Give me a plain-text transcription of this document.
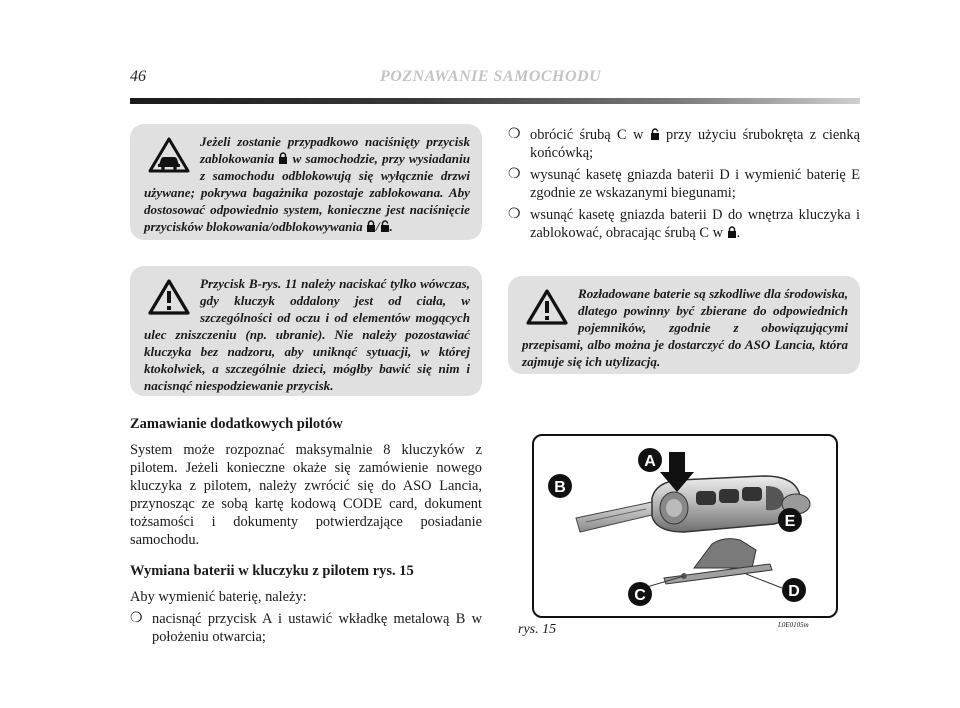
46	POZNAWANIE SAMOCHODU
Jeżeli zostanie przypadkowo naciśnięty przycisk zablokowania  w samochodzie, przy wysiadaniu z samochodu odblokowują się wyłącznie drzwi używane; pokrywa bagażnika pozostaje zablokowana. Aby dostosować odpowiednio system, konieczne jest naciśnięcie przycisków blokowania/odblokowywania / .
Przycisk B-rys. 11 należy naciskać tylko wówczas, gdy kluczyk oddalony jest od ciała, w szczególności od oczu i od elementów mogących ulec zniszczeniu (np. ubranie). Nie należy pozostawiać kluczyka bez nadzoru, aby uniknąć sytuacji, w której ktokolwiek, a szczególnie dzieci, mógłby bawić się nim i nacisnąć niespodziewanie przycisk.
Zamawianie dodatkowych pilotów
System może rozpoznać maksymalnie 8 kluczyków z pilotem. Jeżeli konieczne okaże się zamówienie nowego kluczyka z pilotem, należy zwrócić się do ASO Lancia, przynosząc ze sobą kartę kodową CODE card, dokument tożsamości i dokumenty potwierdzające posiadanie samochodu.
Wymiana baterii w kluczyku z pilotem rys. 15
Aby wymienić baterię, należy:
❍ nacisnąć przycisk A i ustawić wkładkę metalową B w położeniu otwarcia;
❍ obrócić śrubą C w  przy użyciu śrubokręta z cienką końcówką;
❍ wysunąć kasetę gniazda baterii D i wymienić baterię E zgodnie ze wskazanymi biegunami;
❍ wsunąć kasetę gniazda baterii D do wnętrza kluczyka i zablokować, obracając śrubą C w .
Rozładowane baterie są szkodliwe dla środowiska, dlatego powinny być zbierane do odpowiednich pojemników, zgodnie z obowiązującymi przepisami, albo można je dostarczyć do ASO Lancia, która zajmuje się ich utylizacją.
A
B
C	D
E
rys. 15	L0E0105m
